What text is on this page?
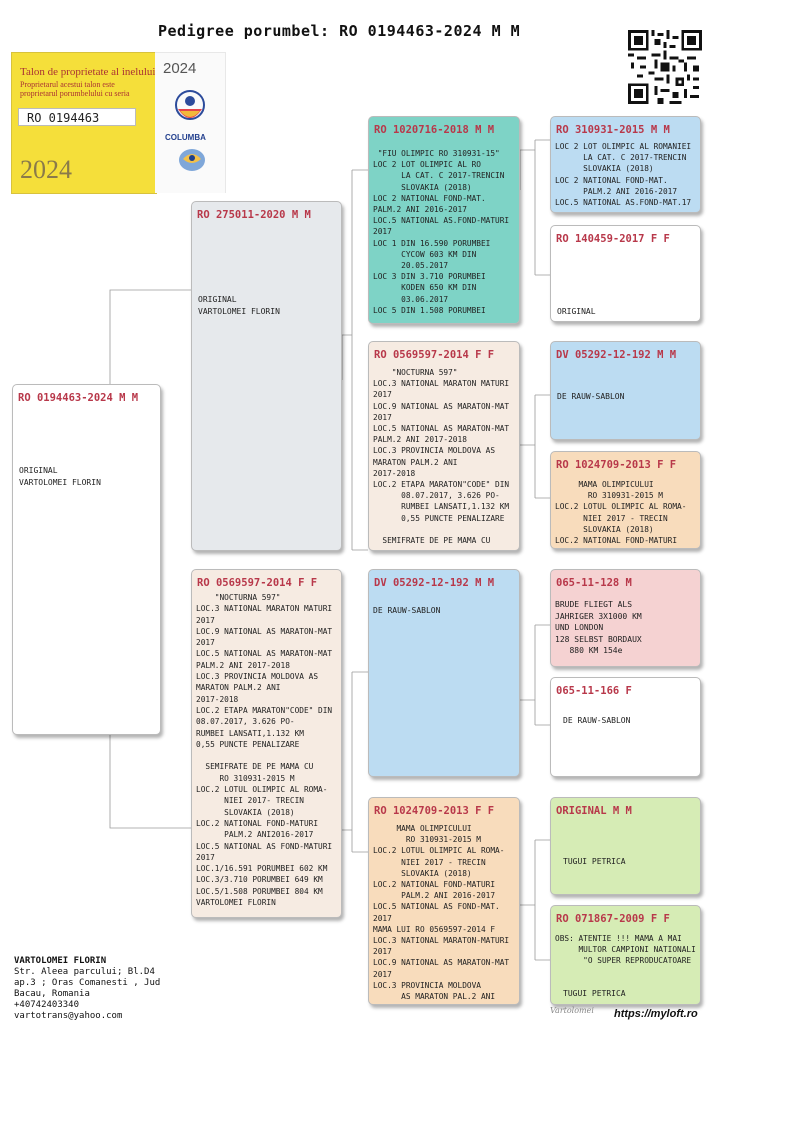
Pedigree porumbel: RO 0194463-2024 M M
Talon de proprietate al inelului
Proprietarul acestui talon este proprietarul porumbelului cu seria
RO 0194463
2024
2024
COLUMBA
RO 0194463-2024 M M
ORIGINAL
VARTOLOMEI FLORIN
RO 275011-2020 M M
ORIGINAL
VARTOLOMEI FLORIN
RO 0569597-2014 F F
"NOCTURNA 597"
LOC.3 NATIONAL MARATON MATURI
2017
LOC.9 NATIONAL AS MARATON-MAT
2017
LOC.5 NATIONAL AS MARATON-MAT
PALM.2 ANI 2017-2018
LOC.3 PROVINCIA MOLDOVA AS
MARATON PALM.2 ANI
2017-2018
LOC.2 ETAPA MARATON"CODE" DIN
08.07.2017, 3.626 PO-
RUMBEI LANSATI,1.132 KM
0,55 PUNCTE PENALIZARE

SEMIFRATE DE PE MAMA CU
RO 310931-2015 M
LOC.2 LOTUL OLIMPIC AL ROMA-
NIEI 2017- TRECIN
SLOVAKIA (2018)
LOC.2 NATIONAL FOND-MATURI
PALM.2 ANI2016-2017
LOC.5 NATIONAL AS FOND-MATURI
2017
LOC.1/16.591 PORUMBEI 602 KM
LOC.3/3.710 PORUMBEI 649 KM
LOC.5/1.508 PORUMBEI 804 KM
VARTOLOMEI FLORIN
RO 1020716-2018 M M
"FIU OLIMPIC RO 310931-15"
LOC 2 LOT OLIMPIC AL RO
LA CAT. C 2017-TRENCIN
SLOVAKIA (2018)
LOC 2 NATIONAL FOND-MAT.
PALM.2 ANI 2016-2017
LOC.5 NATIONAL AS.FOND-MATURI
2017
LOC 1 DIN 16.590 PORUMBEI
CYCOW 603 KM DIN
20.05.2017
LOC 3 DIN 3.710 PORUMBEI
KODEN 650 KM DIN
03.06.2017
LOC 5 DIN 1.508 PORUMBEI
RO 0569597-2014 F F
"NOCTURNA 597"
LOC.3 NATIONAL MARATON MATURI
2017
LOC.9 NATIONAL AS MARATON-MAT
2017
LOC.5 NATIONAL AS MARATON-MAT
PALM.2 ANI 2017-2018
LOC.3 PROVINCIA MOLDOVA AS
MARATON PALM.2 ANI
2017-2018
LOC.2 ETAPA MARATON"CODE" DIN
08.07.2017, 3.626 PO-
RUMBEI LANSATI,1.132 KM
0,55 PUNCTE PENALIZARE

SEMIFRATE DE PE MAMA CU
DV 05292-12-192 M M
DE RAUW-SABLON
RO 1024709-2013 F F
MAMA OLIMPICULUI
RO 310931-2015 M
LOC.2 LOTUL OLIMPIC AL ROMA-
NIEI 2017 - TRECIN
SLOVAKIA (2018)
LOC.2 NATIONAL FOND-MATURI
PALM.2 ANI 2016-2017
LOC.5 NATIONAL AS FOND-MAT.
2017
MAMA LUI RO 0569597-2014 F
LOC.3 NATIONAL MARATON-MATURI
2017
LOC.9 NATIONAL AS MARATON-MAT
2017
LOC.3 PROVINCIA MOLDOVA
AS MARATON PAL.2 ANI
RO 310931-2015 M M
LOC 2 LOT OLIMPIC AL ROMANIEI
LA CAT. C 2017-TRENCIN
SLOVAKIA (2018)
LOC 2 NATIONAL FOND-MAT.
PALM.2 ANI 2016-2017
LOC.5 NATIONAL AS.FOND-MAT.17
RO 140459-2017 F F
ORIGINAL
DV 05292-12-192 M M
DE RAUW-SABLON
RO 1024709-2013 F F
MAMA OLIMPICULUI
RO 310931-2015 M
LOC.2 LOTUL OLIMPIC AL ROMA-
NIEI 2017 - TRECIN
SLOVAKIA (2018)
LOC.2 NATIONAL FOND-MATURI
065-11-128 M
BRUDE FLIEGT ALS
JAHRIGER 3X1000 KM
UND LONDON
128 SELBST BORDAUX
880 KM 154e
065-11-166 F
DE RAUW-SABLON
ORIGINAL M M
TUGUI PETRICA
RO 071867-2009 F F
OBS: ATENTIE !!! MAMA A MAI
MULTOR CAMPIONI NATIONALI
"O SUPER REPRODUCATOARE
TUGUI PETRICA
VARTOLOMEI FLORIN
Str. Aleea parcului; Bl.D4
ap.3 ; Oras Comanesti , Jud
Bacau, Romania
+40742403340
vartotrans@yahoo.com
Vartolomei https://myloft.ro
